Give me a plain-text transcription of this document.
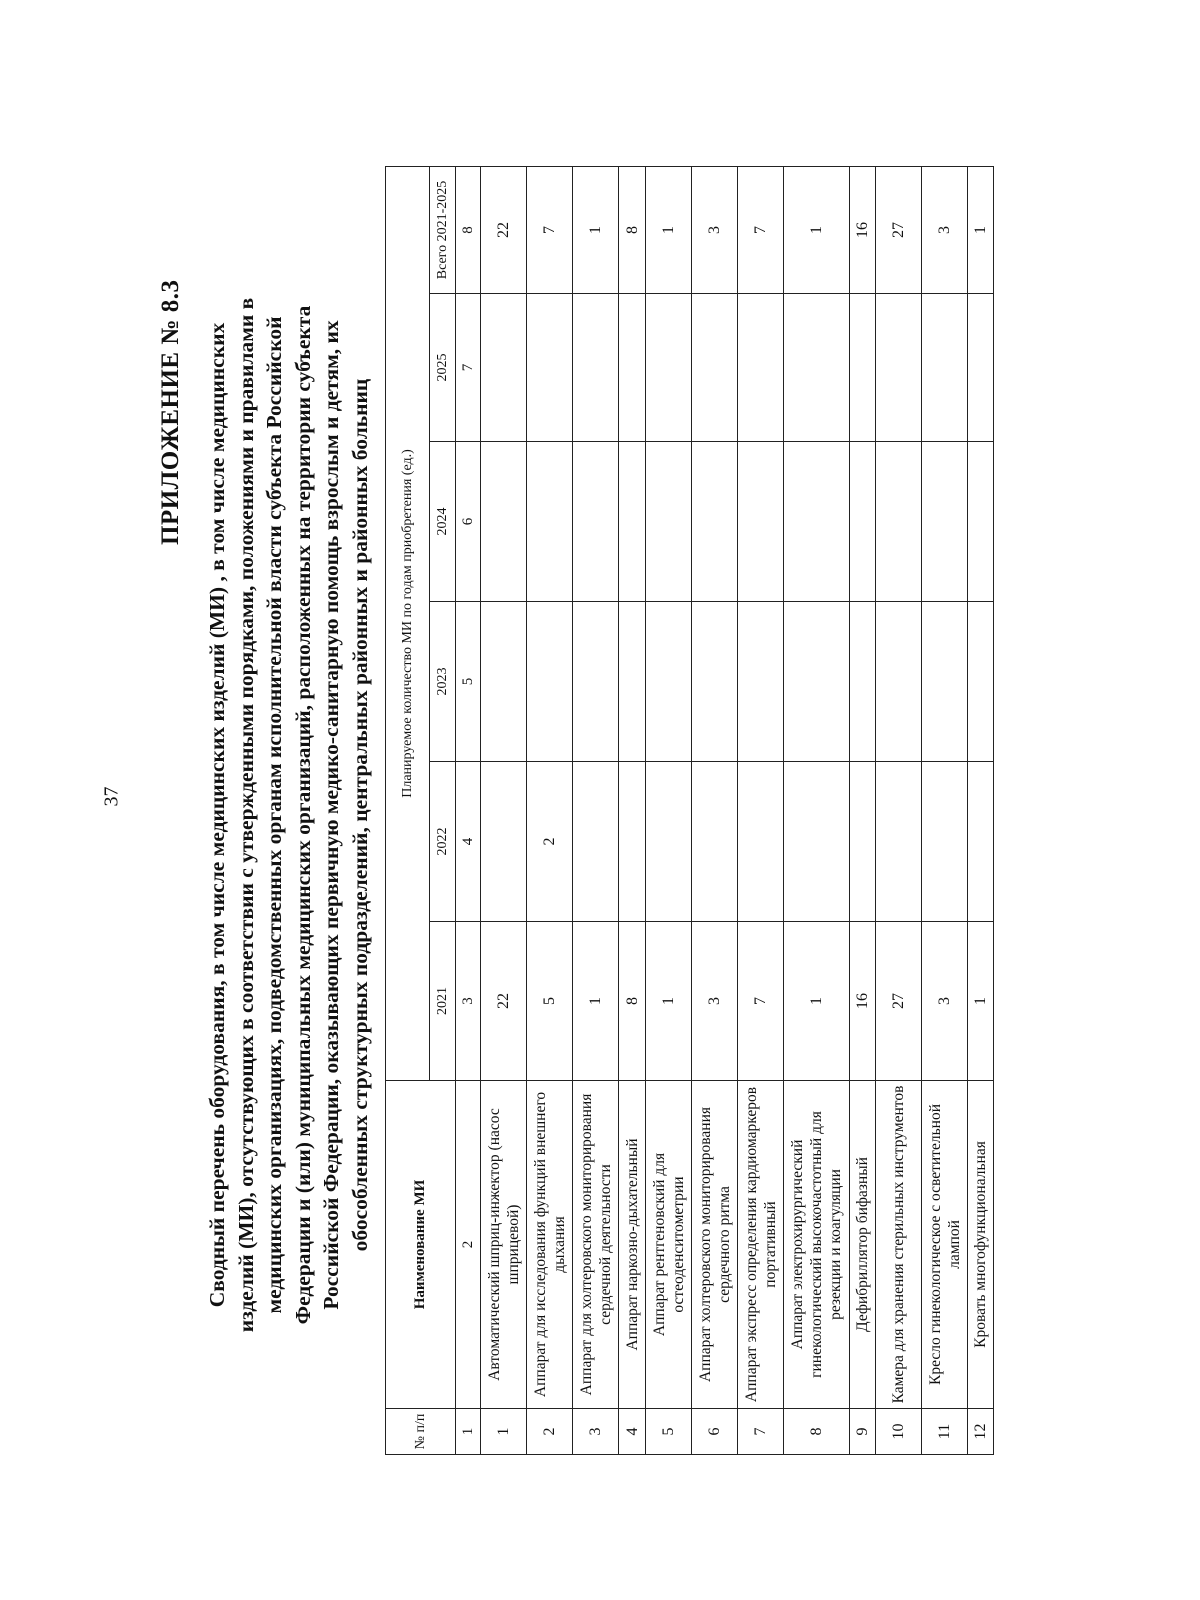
37
ПРИЛОЖЕНИЕ № 8.3 Сводный перечень оборудования, в том числе медицинских изделий (МИ) , в том числе медицинских изделий (МИ), отсутствующих в соответствии с утвержденными порядками, положениями и правилами в медицинских организациях, подведомственных органам исполнительной власти субъекта Российской Федерации и (или) муниципальных медицинских организаций, расположенных на территории субъекта Российской Федерации, оказывающих первичную медико-санитарную помощь взрослым и детям, их обособленных структурных подразделений, центральных районных и районных больниц
№ п/п	Наименование МИ	Планируемое количество МИ по годам приобретения (ед.)					
		2021	2022	2023	2024	2025	Всего 2021-2025
1	2	3	4	5	6	7	8
1	Автоматический шприц-инжектор (насос шприцевой)	22					22
2	Аппарат для исследования функций внешнего дыхания	5	2				7
3	Аппарат для холтеровского мониторирования сердечной деятельности	1					1
4	Аппарат наркозно-дыхательный	8					8
5	Аппарат рентгеновский для остеоденситометрии	1					1
6	Аппарат холтеровского мониторирования сердечного ритма	3					3
7	Аппарат экспресс определения кардиомаркеров портативный	7					7
8	Аппарат электрохирургический гинекологический высокочастотный для резекции и коагуляции	1					1
9	Дефибриллятор бифазный	16					16
10	Камера для хранения стерильных инструментов	27					27
11	Кресло гинекологическое с осветительной лампой	3					3
12	Кровать многофункциональная	1					1
